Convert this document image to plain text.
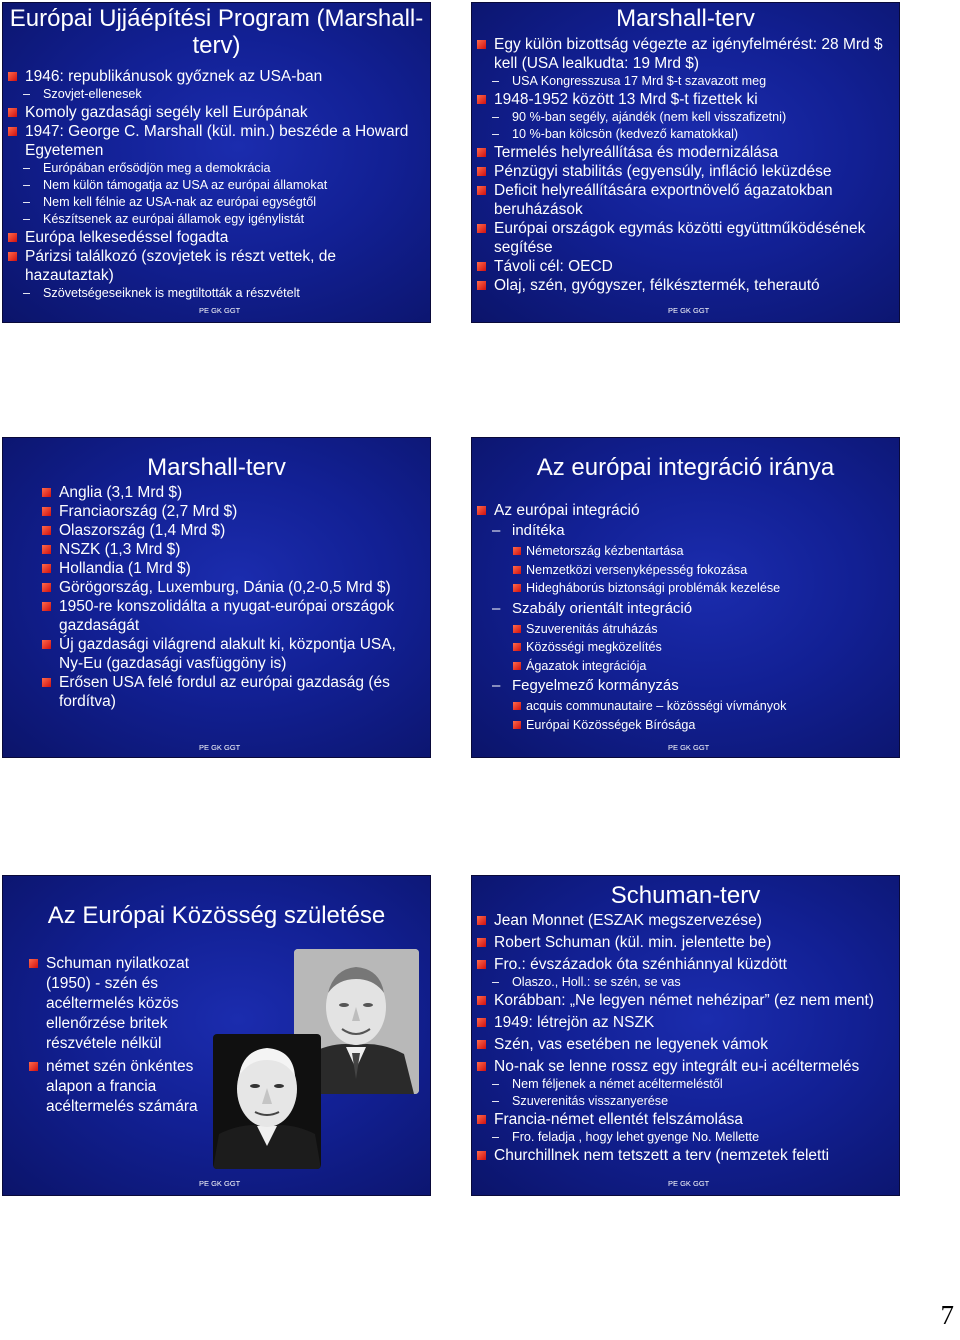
Európai Ujjáépítési Program (Marshall-terv)
1946: republikánusok győznek az USA-ban
– Szovjet-ellenesek
Komoly gazdasági segély kell Európának
1947: George C. Marshall (kül. min.) beszéde a Howard Egyetemen
– Európában erősödjön meg a demokrácia
– Nem külön támogatja az USA az európai államokat
– Nem kell félnie az USA-nak az európai egységtől
– Készítsenek az európai államok egy igénylistát
Európa lelkesedéssel fogadta
Párizsi találkozó (szovjetek is részt vettek, de hazautaztak)
– Szövetségeseiknek is megtiltották a részvételt
PE GK GGT
Marshall-terv
Egy külön bizottság végezte az igényfelmérést: 28 Mrd $ kell (USA lealkudta: 19 Mrd $)
– USA Kongresszusa 17 Mrd $-t szavazott meg
1948-1952 között 13 Mrd $-t fizettek ki
– 90 %-ban segély, ajándék (nem kell visszafizetni)
– 10 %-ban kölcsön (kedvező kamatokkal)
Termelés helyreállítása és modernizálása
Pénzügyi stabilitás (egyensúly, infláció leküzdése
Deficit helyreállítására exportnövelő ágazatokban beruházások
Európai országok egymás közötti együttműködésének segítése
Távoli cél: OECD
Olaj, szén, gyógyszer, félkésztermék, teherautó
PE GK GGT
Marshall-terv
Anglia (3,1 Mrd $)
Franciaország (2,7 Mrd $)
Olaszország (1,4 Mrd $)
NSZK (1,3 Mrd $)
Hollandia (1 Mrd $)
Görögország, Luxemburg, Dánia (0,2-0,5 Mrd $)
1950-re konszolidálta a nyugat-európai országok gazdaságát
Új gazdasági világrend alakult ki, központja USA, Ny-Eu (gazdasági vasfüggöny is)
Erősen USA felé fordul az európai gazdaság (és fordítva)
PE GK GGT
Az európai integráció iránya
Az európai integráció
– indítéka
Németország kézbentartása
Nemzetközi versenyképesség fokozása
Hidegháborús biztonsági problémák kezelése
– Szabály orientált integráció
Szuverenitás átruházás
Közösségi megközelítés
Ágazatok integrációja
– Fegyelmező kormányzás
acquis communautaire – közösségi vívmányok
Európai Közösségek Bírósága
PE GK GGT
Az Európai Közösség születése
Schuman nyilatkozat (1950) - szén és acéltermelés közös ellenőrzése britek részvétele nélkül
német szén önkéntes alapon a francia acéltermelés számára
PE GK GGT
Schuman-terv
Jean Monnet (ESZAK megszervezése)
Robert Schuman (kül. min. jelentette be)
Fro.: évszázadok óta szénhiánnyal küzdött
– Olaszo., Holl.: se szén, se vas
Korábban: „Ne legyen német nehézipar” (ez nem ment)
1949: létrejön az NSZK
Szén, vas esetében ne legyenek vámok
No-nak se lenne rossz egy integrált eu-i acéltermelés
– Nem féljenek a német acéltermeléstől
– Szuverenitás visszanyerése
Francia-német ellentét felszámolása
– Fro. feladja , hogy lehet gyenge No. Mellette
Churchillnek nem tetszett a terv (nemzetek feletti
PE GK GGT
7
